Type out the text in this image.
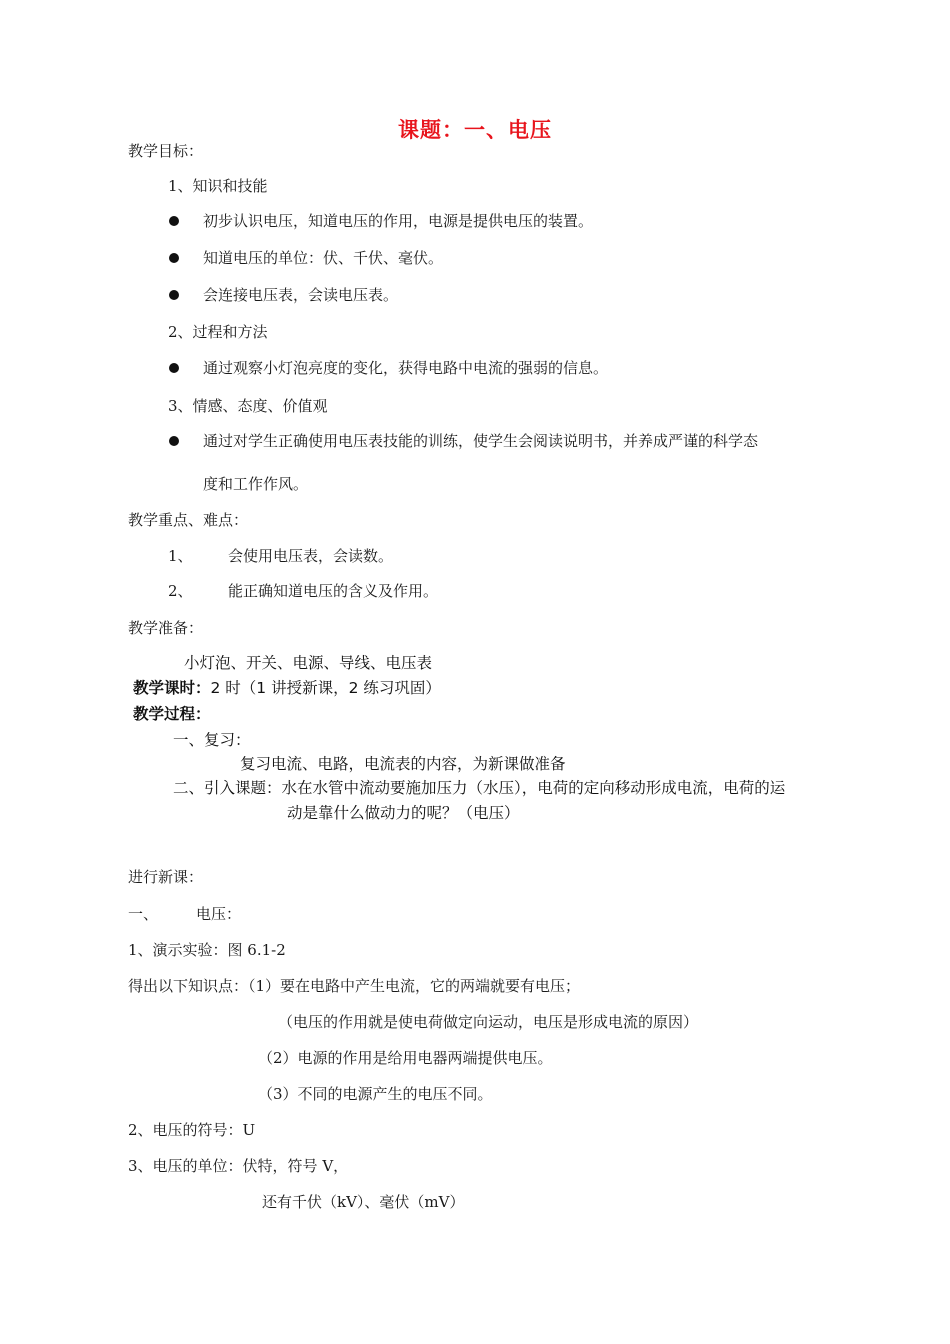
课题：一、电压
教学目标：
1、知识和技能
初步认识电压，知道电压的作用，电源是提供电压的装置。
知道电压的单位：伏、千伏、毫伏。
会连接电压表，会读电压表。
2、过程和方法
通过观察小灯泡亮度的变化，获得电路中电流的强弱的信息。
3、情感、态度、价值观
通过对学生正确使用电压表技能的训练，使学生会阅读说明书，并养成严谨的科学态
度和工作作风。
教学重点、难点：
1、 会使用电压表，会读数。
2、 能正确知道电压的含义及作用。
教学准备：
小灯泡、开关、电源、导线、电压表
教学课时：2 时（1 讲授新课，2 练习巩固）
教学过程：
一、复习：
复习电流、电路，电流表的内容，为新课做准备
二、引入课题：水在水管中流动要施加压力（水压），电荷的定向移动形成电流，电荷的运
动是靠什么做动力的呢？（电压）
进行新课：
一、	电压：
1、演示实验：图 6.1-2
得出以下知识点：（1）要在电路中产生电流，它的两端就要有电压；
（电压的作用就是使电荷做定向运动，电压是形成电流的原因）
（2）电源的作用是给用电器两端提供电压。
（3）不同的电源产生的电压不同。
2、电压的符号：U
3、电压的单位：伏特，符号 V，
还有千伏（kV）、毫伏（mV）
